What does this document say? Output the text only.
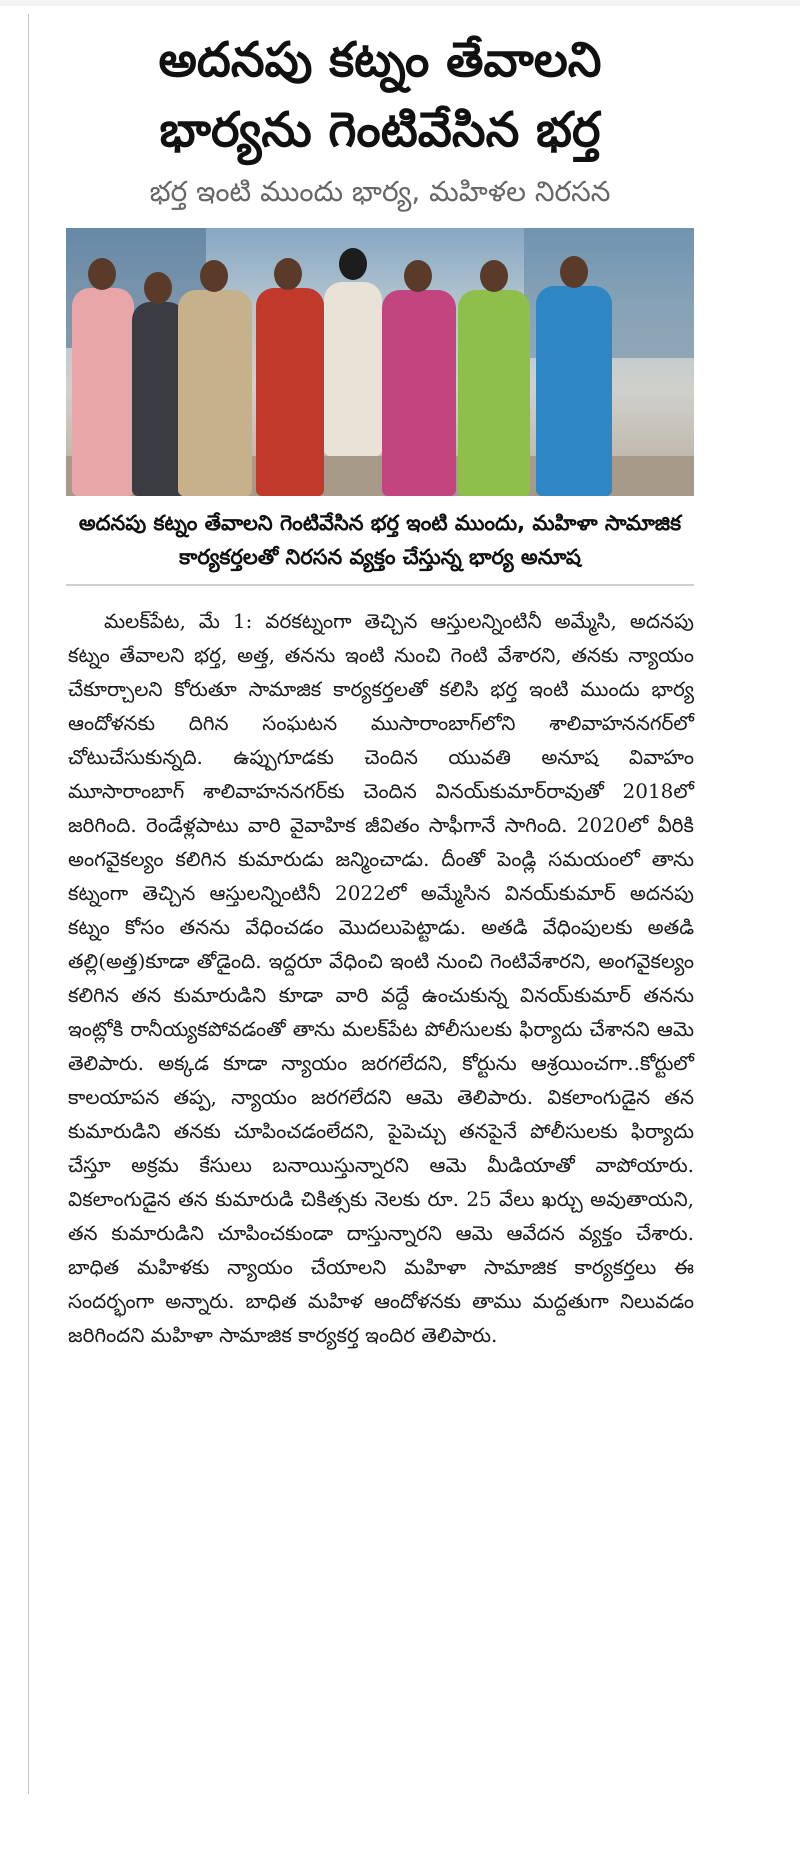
అదనపు కట్నం తేవాలని
భార్యను గెంటివేసిన భర్త

భర్త ఇంటి ముందు భార్య, మహిళల నిరసన

అదనపు కట్నం తేవాలని గెంటివేసిన భర్త ఇంటి ముందు, మహిళా సామాజిక కార్యకర్తలతో నిరసన వ్యక్తం చేస్తున్న భార్య అనూష

మలక్‌పేట, మే 1: వరకట్నంగా తెచ్చిన ఆస్తులన్నింటినీ అమ్మేసి, అదనపు కట్నం తేవాలని భర్త, అత్త, తనను ఇంటి నుంచి గెంటి వేశారని, తనకు న్యాయం చేకూర్చాలని కోరుతూ సామాజిక కార్యకర్తలతో కలిసి భర్త ఇంటి ముందు భార్య ఆందోళనకు దిగిన సంఘటన ముసారాంబాగ్‌లోని శాలివాహననగర్‌లో చోటుచేసుకున్నది. ఉప్పుగూడకు చెందిన యువతి అనూష వివాహం మూసారాంబాగ్ శాలివాహననగర్‌కు చెందిన వినయ్‌కుమార్‌రావుతో 2018లో జరిగింది. రెండేళ్లపాటు వారి వైవాహిక జీవితం సాఫీగానే సాగింది. 2020లో వీరికి అంగవైకల్యం కలిగిన కుమారుడు జన్మించాడు. దీంతో పెండ్లి సమయంలో తాను కట్నంగా తెచ్చిన ఆస్తులన్నింటినీ 2022లో అమ్మేసిన వినయ్‌కుమార్ అదనపు కట్నం కోసం తనను వేధించడం మొదలుపెట్టాడు. అతడి వేధింపులకు అతడి తల్లి(అత్త)కూడా తోడైంది. ఇద్దరూ వేధించి ఇంటి నుంచి గెంటివేశారని, అంగవైకల్యం కలిగిన తన కుమారుడిని కూడా వారి వద్దే ఉంచుకున్న వినయ్‌కుమార్ తనను ఇంట్లోకి రానీయ్యకపోవడంతో తాను మలక్‌పేట పోలీసులకు ఫిర్యాదు చేశానని ఆమె తెలిపారు. అక్కడ కూడా న్యాయం జరగలేదని, కోర్టును ఆశ్రయించగా..కోర్టులో కాలయాపన తప్ప, న్యాయం జరగలేదని ఆమె తెలిపారు. వికలాంగుడైన తన కుమారుడిని తనకు చూపించడంలేదని, పైపెచ్చు తనపైనే పోలీసులకు ఫిర్యాదు చేస్తూ అక్రమ కేసులు బనాయిస్తున్నారని ఆమె మీడియాతో వాపోయారు. వికలాంగుడైన తన కుమారుడి చికిత్సకు నెలకు రూ. 25 వేలు ఖర్చు అవుతాయని, తన కుమారుడిని చూపించకుండా దాస్తున్నారని ఆమె ఆవేదన వ్యక్తం చేశారు. బాధిత మహిళకు న్యాయం చేయాలని మహిళా సామాజిక కార్యకర్తలు ఈ సందర్భంగా అన్నారు. బాధిత మహిళ ఆందోళనకు తాము మద్దతుగా నిలువడం జరిగిందని మహిళా సామాజిక కార్యకర్త ఇందిర తెలిపారు.
